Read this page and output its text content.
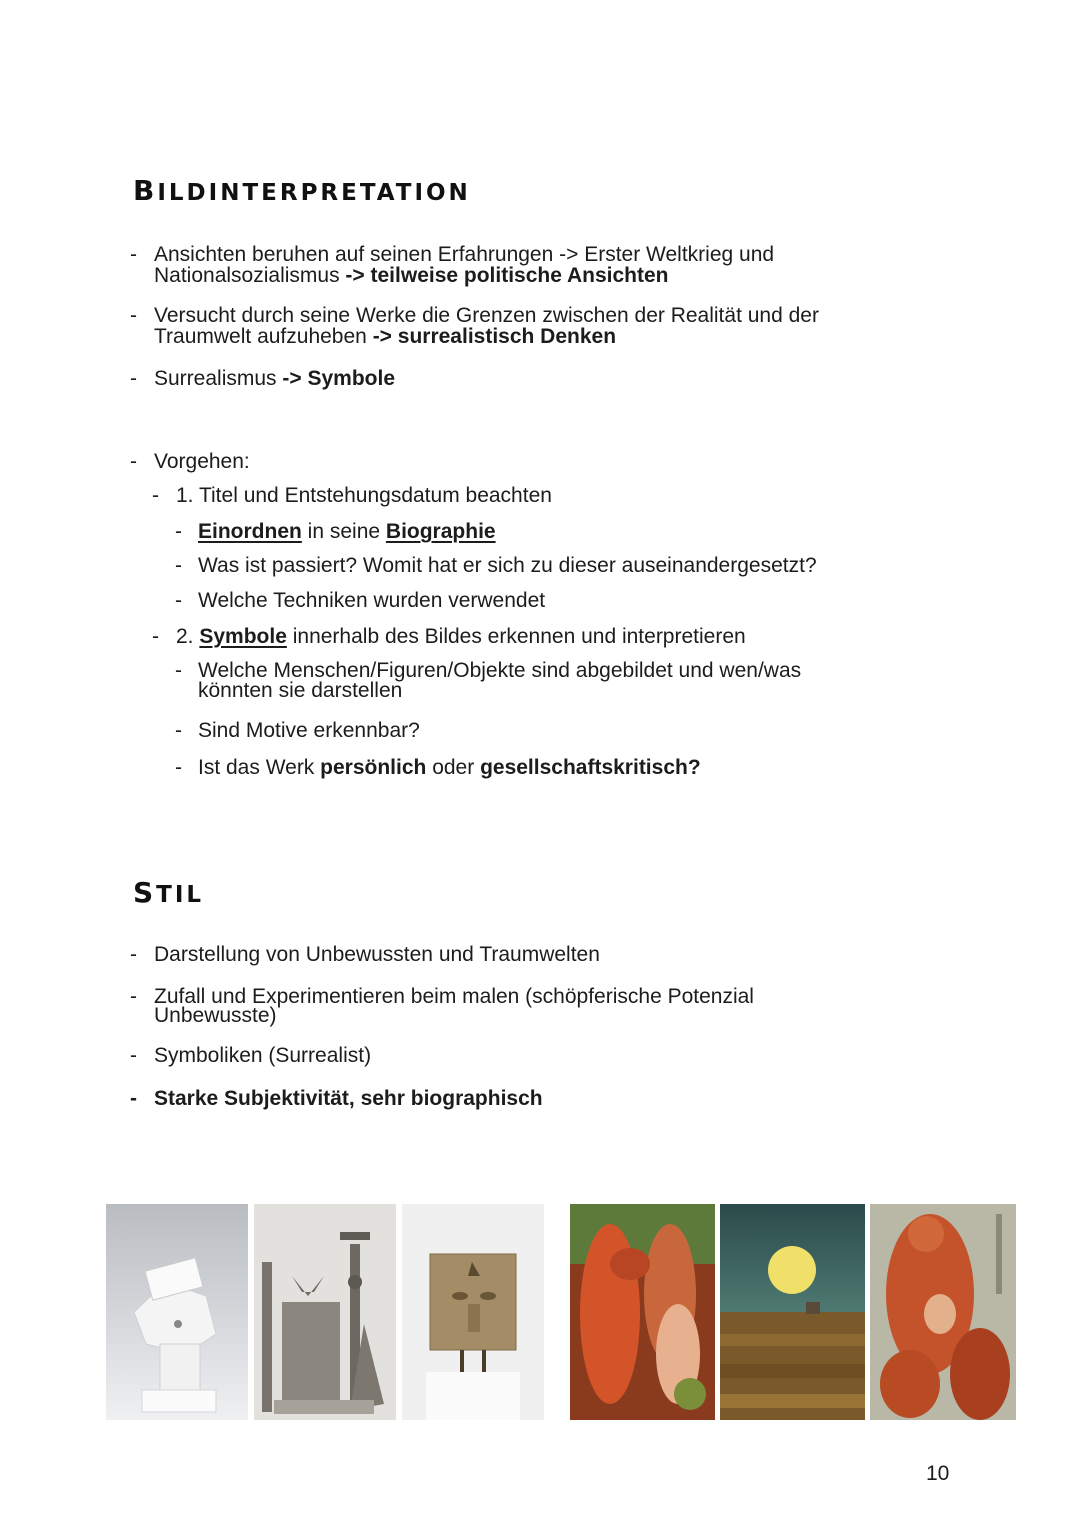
BILDINTERPRETATION
- Ansichten beruhen auf seinen Erfahrungen -> Erster Weltkrieg und
Nationalsozialismus -> teilweise politische Ansichten
- Versucht durch seine Werke die Grenzen zwischen der Realität und der
Traumwelt aufzuheben -> surrealistisch Denken
- Surrealismus -> Symbole
- Vorgehen:
- 1. Titel und Entstehungsdatum beachten
- Einordnen in seine Biographie
- Was ist passiert? Womit hat er sich zu dieser auseinandergesetzt?
- Welche Techniken wurden verwendet
- 2. Symbole innerhalb des Bildes erkennen und interpretieren
- Welche Menschen/Figuren/Objekte sind abgebildet und wen/was
könnten sie darstellen
- Sind Motive erkennbar?
- Ist das Werk persönlich oder gesellschaftskritisch?
STIL
- Darstellung von Unbewussten und Traumwelten
- Zufall und Experimentieren beim malen (schöpferische Potenzial
Unbewusste)
- Symboliken (Surrealist)
- Starke Subjektivität, sehr biographisch
10
